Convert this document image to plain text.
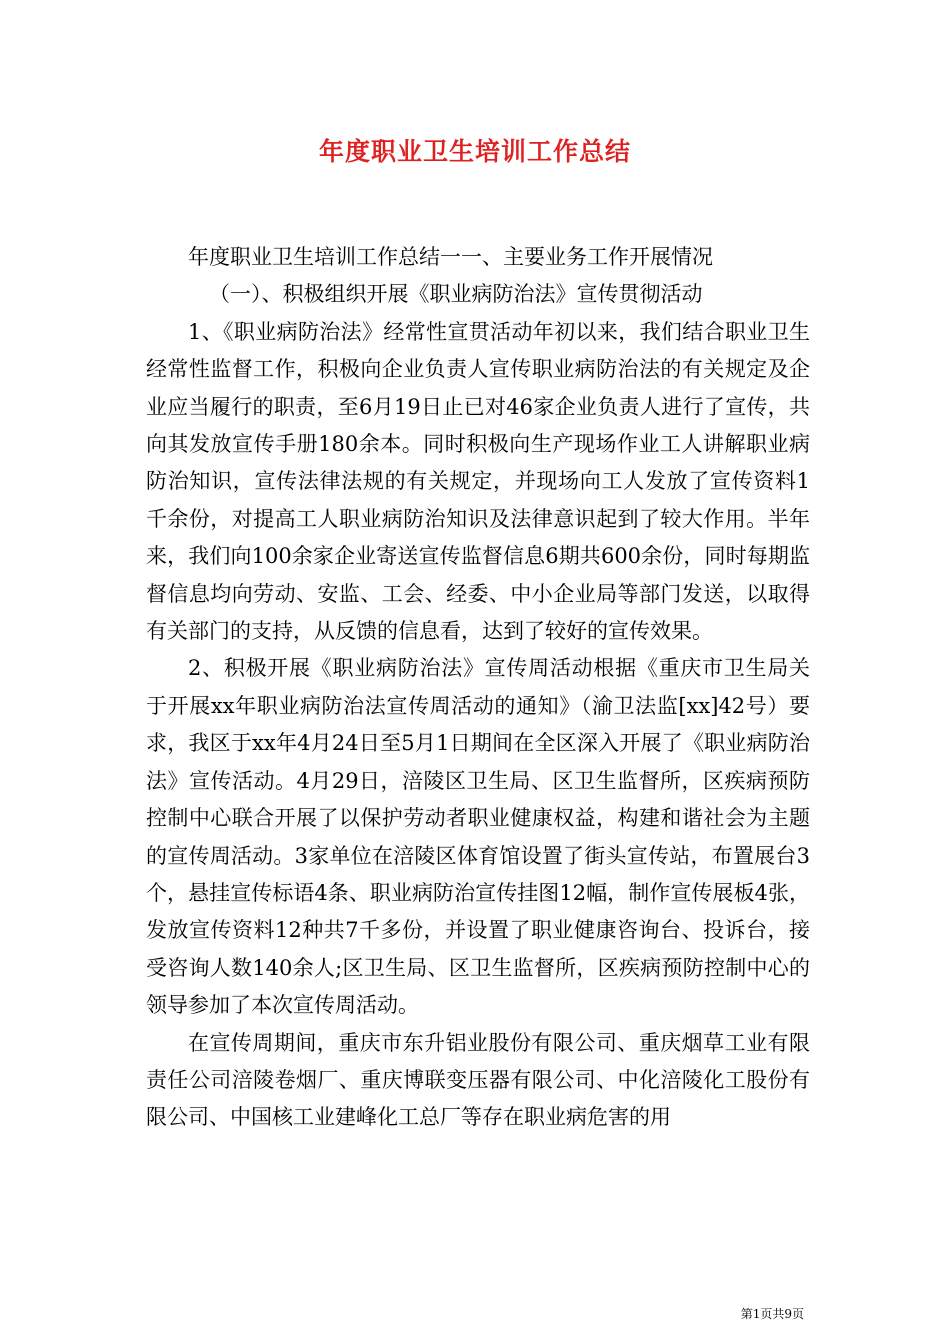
年度职业卫生培训工作总结

年度职业卫生培训工作总结一一、主要业务工作开展情况

（一）、积极组织开展《职业病防治法》宣传贯彻活动

1、《职业病防治法》经常性宣贯活动年初以来，我们结合职业卫生经常性监督工作，积极向企业负责人宣传职业病防治法的有关规定及企业应当履行的职责，至6月19日止已对46家企业负责人进行了宣传，共向其发放宣传手册180余本。同时积极向生产现场作业工人讲解职业病防治知识，宣传法律法规的有关规定，并现场向工人发放了宣传资料1千余份，对提高工人职业病防治知识及法律意识起到了较大作用。半年来，我们向100余家企业寄送宣传监督信息6期共600余份，同时每期监督信息均向劳动、安监、工会、经委、中小企业局等部门发送，以取得有关部门的支持，从反馈的信息看，达到了较好的宣传效果。

2、积极开展《职业病防治法》宣传周活动根据《重庆市卫生局关于开展xx年职业病防治法宣传周活动的通知》（渝卫法监[xx]42号）要求，我区于xx年4月24日至5月1日期间在全区深入开展了《职业病防治法》宣传活动。4月29日，涪陵区卫生局、区卫生监督所，区疾病预防控制中心联合开展了以保护劳动者职业健康权益，构建和谐社会为主题的宣传周活动。3家单位在涪陵区体育馆设置了街头宣传站，布置展台3个，悬挂宣传标语4条、职业病防治宣传挂图12幅，制作宣传展板4张，发放宣传资料12种共7千多份，并设置了职业健康咨询台、投诉台，接受咨询人数140余人;区卫生局、区卫生监督所，区疾病预防控制中心的领导参加了本次宣传周活动。

在宣传周期间，重庆市东升铝业股份有限公司、重庆烟草工业有限责任公司涪陵卷烟厂、重庆博联变压器有限公司、中化涪陵化工股份有限公司、中国核工业建峰化工总厂等存在职业病危害的用

第1页共9页
